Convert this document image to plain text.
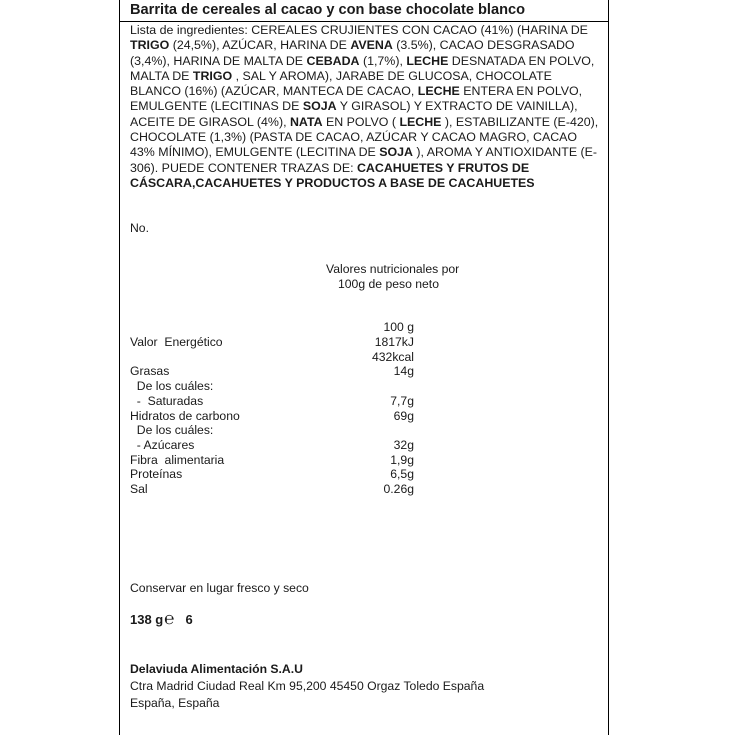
Barrita de cereales al cacao y con base chocolate blanco
Lista de ingredientes: CEREALES CRUJIENTES CON CACAO (41%) (HARINA DE TRIGO (24,5%), AZÚCAR, HARINA DE AVENA (3.5%), CACAO DESGRASADO (3,4%), HARINA DE MALTA DE CEBADA (1,7%), LECHE DESNATADA EN POLVO, MALTA DE TRIGO , SAL Y AROMA), JARABE DE GLUCOSA, CHOCOLATE BLANCO (16%) (AZÚCAR, MANTECA DE CACAO, LECHE ENTERA EN POLVO, EMULGENTE (LECITINAS DE SOJA Y GIRASOL) Y EXTRACTO DE VAINILLA), ACEITE DE GIRASOL (4%), NATA EN POLVO ( LECHE ), ESTABILIZANTE (E-420), CHOCOLATE (1,3%) (PASTA DE CACAO, AZÚCAR Y CACAO MAGRO, CACAO 43% MÍNIMO), EMULGENTE (LECITINA DE SOJA ), AROMA Y ANTIOXIDANTE (E-306). PUEDE CONTENER TRAZAS DE: CACAHUETES Y FRUTOS DE CÁSCARA,CACAHUETES Y PRODUCTOS A BASE DE CACAHUETES
No.
Valores nutricionales por
100g de peso neto
100 g
Valor  Energético	1817kJ
432kcal
Grasas	14g
De los cuáles:
-  Saturadas	7,7g
Hidratos de carbono	69g
De los cuáles:
- Azúcares	32g
Fibra  alimentaria	1,9g
Proteínas	6,5g
Sal	0.26g
Conservar en lugar fresco y seco
138 g℮ 6
Delaviuda Alimentación S.A.U
Ctra Madrid Ciudad Real Km 95,200 45450 Orgaz Toledo España
España, España
